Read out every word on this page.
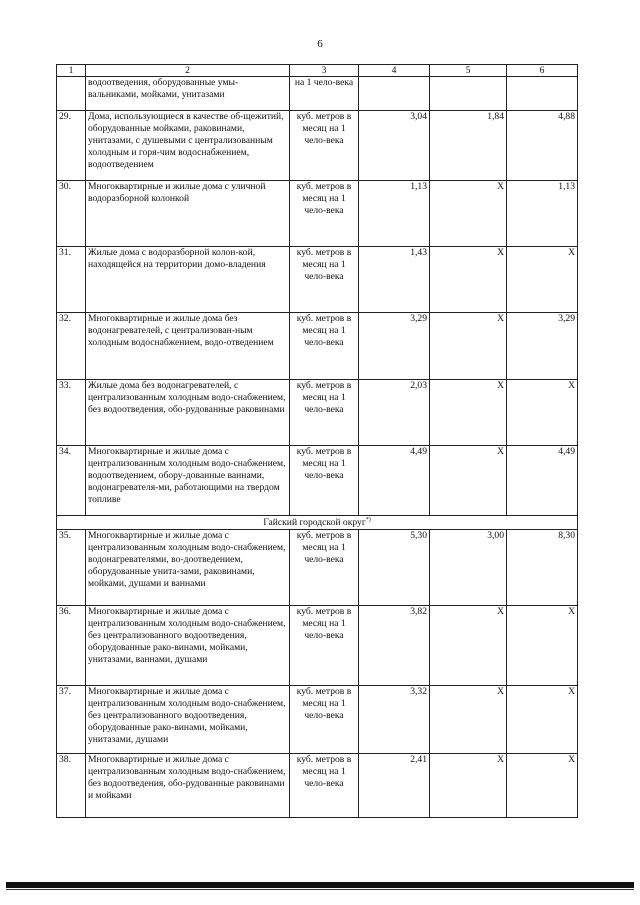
6
1	2	3	4	5	6
	водоотведения, оборудованные умы-вальниками, мойками, унитазами	на 1 чело-века			
29.	Дома, использующиеся в качестве об-щежитий, оборудованные мойками, раковинами, унитазами, с душевыми с централизованным холодным и горя-чим водоснабжением, водоотведением	куб. метров в месяц на 1 чело-века	3,04	1,84	4,88
30.	Многоквартирные и жилые дома с уличной водоразборной колонкой	куб. метров в месяц на 1 чело-века	1,13	Х	1,13
31.	Жилые дома с водоразборной колон-кой, находящейся на территории домо-владения	куб. метров в месяц на 1 чело-века	1,43	Х	Х
32.	Многоквартирные и жилые дома без водонагревателей, с централизован-ным холодным водоснабжением, водо-отведением	куб. метров в месяц на 1 чело-века	3,29	Х	3,29
33.	Жилые дома без водонагревателей, с централизованным холодным водо-снабжением, без водоотведения, обо-рудованные раковинами	куб. метров в месяц на 1 чело-века	2,03	Х	Х
34.	Многоквартирные и жилые дома с централизованным холодным водо-снабжением, водоотведением, обору-дованные ваннами, водонагревателя-ми, работающими на твердом топливе	куб. метров в месяц на 1 чело-века	4,49	Х	4,49
Гайский городской округ*)
35.	Многоквартирные и жилые дома с централизованным холодным водо-снабжением, водонагревателями, во-доотведением, оборудованные унита-зами, раковинами, мойками, душами и ваннами	куб. метров в месяц на 1 чело-века	5,30	3,00	8,30
36.	Многоквартирные и жилые дома с централизованным холодным водо-снабжением, без централизованного водоотведения, оборудованные рако-винами, мойками, унитазами, ваннами, душами	куб. метров в месяц на 1 чело-века	3,82	Х	Х
37.	Многоквартирные и жилые дома с централизованным холодным водо-снабжением, без централизованного водоотведения, оборудованные рако-винами, мойками, унитазами, душами	куб. метров в месяц на 1 чело-века	3,32	Х	Х
38.	Многоквартирные и жилые дома с централизованным холодным водо-снабжением, без водоотведения, обо-рудованные раковинами и мойками	куб. метров в месяц на 1 чело-века	2,41	Х	Х
